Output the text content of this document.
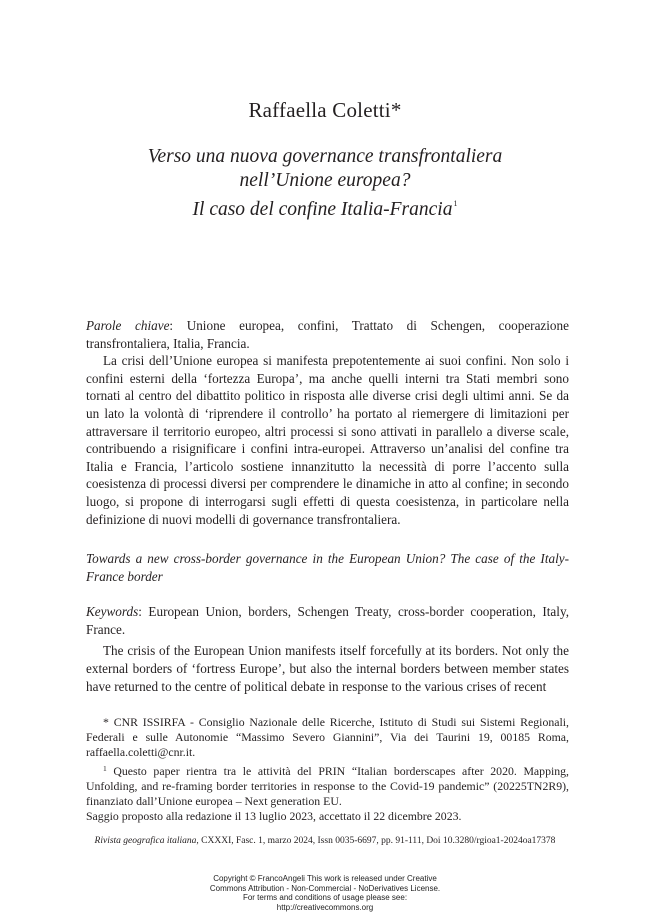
Raffaella Coletti*
Verso una nuova governance transfrontaliera
nell’Unione europea?
Il caso del confine Italia-Francia$^1$

Parole chiave: Unione europea, confini, Trattato di Schengen, cooperazione transfrontaliera, Italia, Francia.

La crisi dell’Unione europea si manifesta prepotentemente ai suoi confini. Non solo i confini esterni della ‘fortezza Europa’, ma anche quelli interni tra Stati membri sono tornati al centro del dibattito politico in risposta alle diverse crisi degli ultimi anni. Se da un lato la volontà di ‘riprendere il controllo’ ha portato al riemergere di limitazioni per attraversare il territorio europeo, altri processi si sono attivati in parallelo a diverse scale, contribuendo a risignificare i confini intra-europei. Attraverso un’analisi del confine tra Italia e Francia, l’articolo sostiene innanzitutto la necessità di porre l’accento sulla coesistenza di processi diversi per comprendere le dinamiche in atto al confine; in secondo luogo, si propone di interrogarsi sugli effetti di questa coesistenza, in particolare nella definizione di nuovi modelli di governance transfrontaliera.

Towards a new cross-border governance in the European Union? The case of the Italy-France border

Keywords: European Union, borders, Schengen Treaty, cross-border cooperation, Italy, France.

The crisis of the European Union manifests itself forcefully at its borders. Not only the external borders of ‘fortress Europe’, but also the internal borders between member states have returned to the centre of political debate in response to the various crises of recent

* CNR ISSIRFA - Consiglio Nazionale delle Ricerche, Istituto di Studi sui Sistemi Regionali, Federali e sulle Autonomie “Massimo Severo Giannini”, Via dei Taurini 19, 00185 Roma, raffaella.coletti@cnr.it.

$^1$ Questo paper rientra tra le attività del PRIN “Italian borderscapes after 2020. Mapping, Unfolding, and re-framing border territories in response to the Covid-19 pandemic” (20225TN2R9), finanziato dall’Unione europea – Next generation EU.

Saggio proposto alla redazione il 13 luglio 2023, accettato il 22 dicembre 2023.

Rivista geografica italiana, CXXXI, Fasc. 1, marzo 2024, Issn 0035-6697, pp. 91-111, Doi 10.3280/rgioa1-2024oa17378
Copyright © FrancoAngeli This work is released under Creative
Commons Attribution - Non-Commercial - NoDerivatives License.
For terms and conditions of usage please see:
http://creativecommons.org
